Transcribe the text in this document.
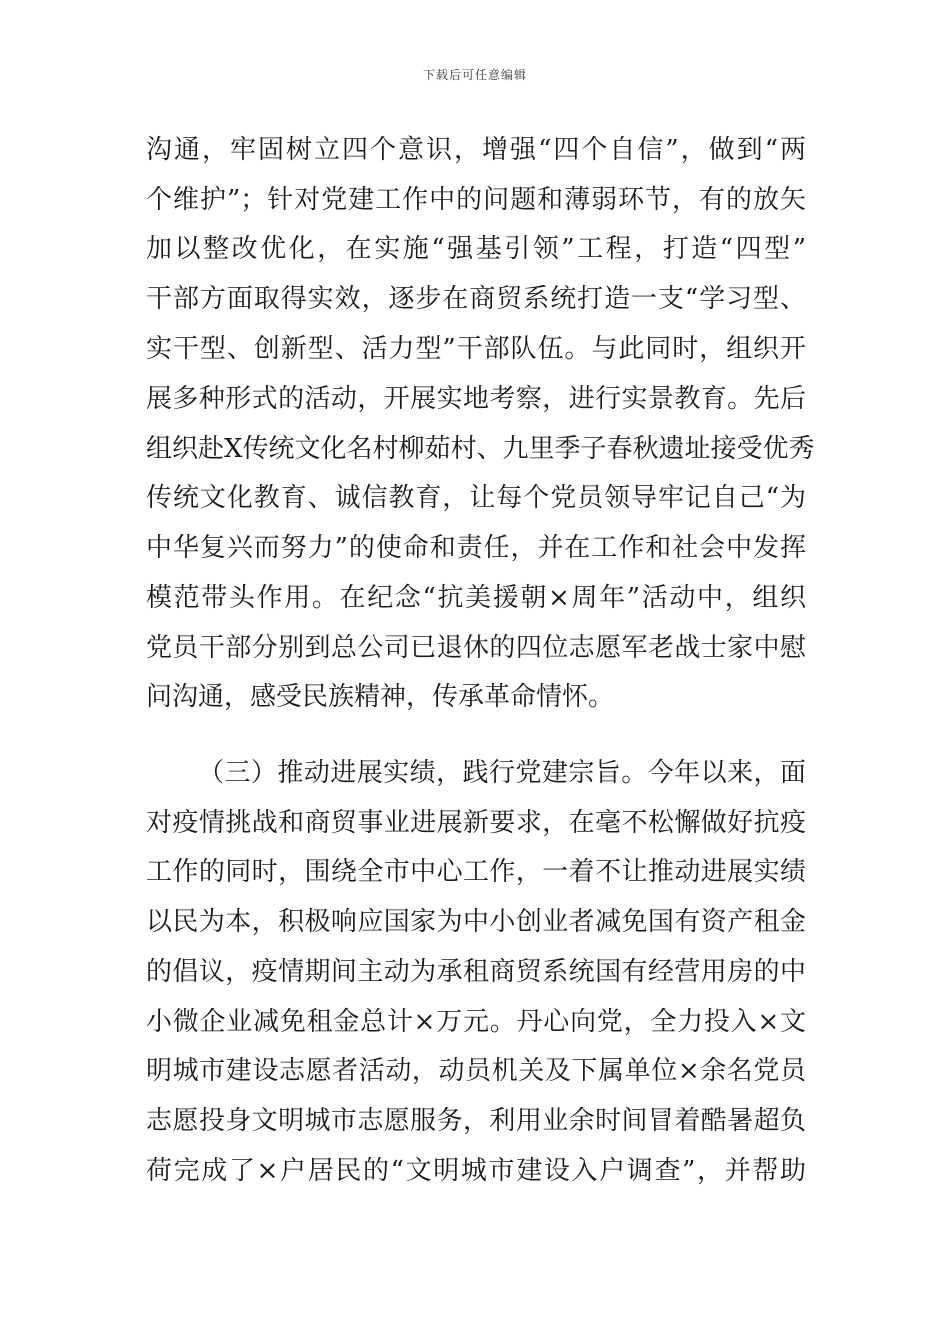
下载后可任意编辑
沟通，牢固树立四个意识，增强“四个自信”，做到“两
个维护”；针对党建工作中的问题和薄弱环节，有的放矢
加以整改优化，在实施“强基引领”工程，打造“四型”
干部方面取得实效，逐步在商贸系统打造一支“学习型、
实干型、创新型、活力型”干部队伍。与此同时，组织开
展多种形式的活动，开展实地考察，进行实景教育。先后
组织赴X传统文化名村柳茹村、九里季子春秋遗址接受优秀
传统文化教育、诚信教育，让每个党员领导牢记自己“为
中华复兴而努力”的使命和责任，并在工作和社会中发挥
模范带头作用。在纪念“抗美援朝×周年”活动中，组织
党员干部分别到总公司已退休的四位志愿军老战士家中慰
问沟通，感受民族精神，传承革命情怀。
（三）推动进展实绩，践行党建宗旨。今年以来，面
对疫情挑战和商贸事业进展新要求，在毫不松懈做好抗疫
工作的同时，围绕全市中心工作，一着不让推动进展实绩
以民为本，积极响应国家为中小创业者减免国有资产租金
的倡议，疫情期间主动为承租商贸系统国有经营用房的中
小微企业减免租金总计×万元。丹心向党，全力投入×文
明城市建设志愿者活动，动员机关及下属单位×余名党员
志愿投身文明城市志愿服务，利用业余时间冒着酷暑超负
荷完成了×户居民的“文明城市建设入户调查”，并帮助
